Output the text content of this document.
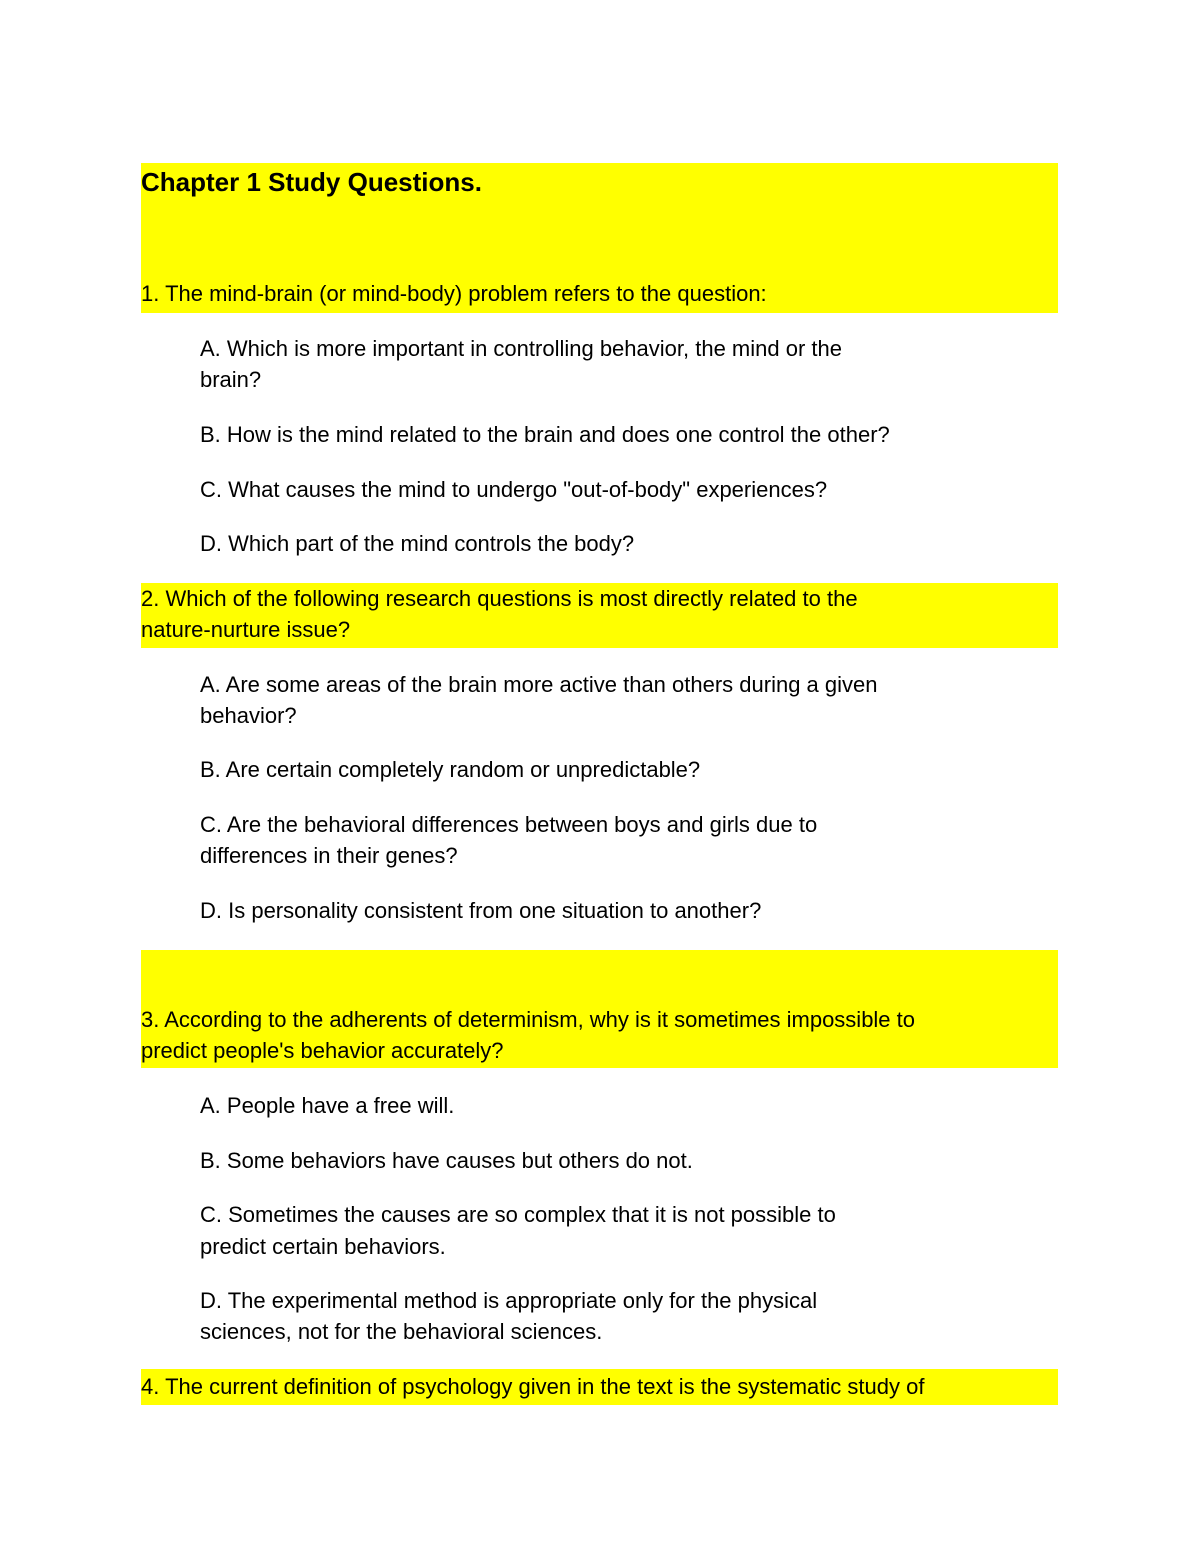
Chapter 1 Study Questions.
1. The mind-brain (or mind-body) problem refers to the question:
A. Which is more important in controlling behavior, the mind or the
brain?
B. How is the mind related to the brain and does one control the other?
C. What causes the mind to undergo "out-of-body" experiences?
D. Which part of the mind controls the body?
2. Which of the following research questions is most directly related to the
nature-nurture issue?
A. Are some areas of the brain more active than others during a given
behavior?
B. Are certain completely random or unpredictable?
C. Are the behavioral differences between boys and girls due to
differences in their genes?
D. Is personality consistent from one situation to another?
3. According to the adherents of determinism, why is it sometimes impossible to
predict people's behavior accurately?
A. People have a free will.
B. Some behaviors have causes but others do not.
C. Sometimes the causes are so complex that it is not possible to
predict certain behaviors.
D. The experimental method is appropriate only for the physical
sciences, not for the behavioral sciences.
4. The current definition of psychology given in the text is the systematic study of
